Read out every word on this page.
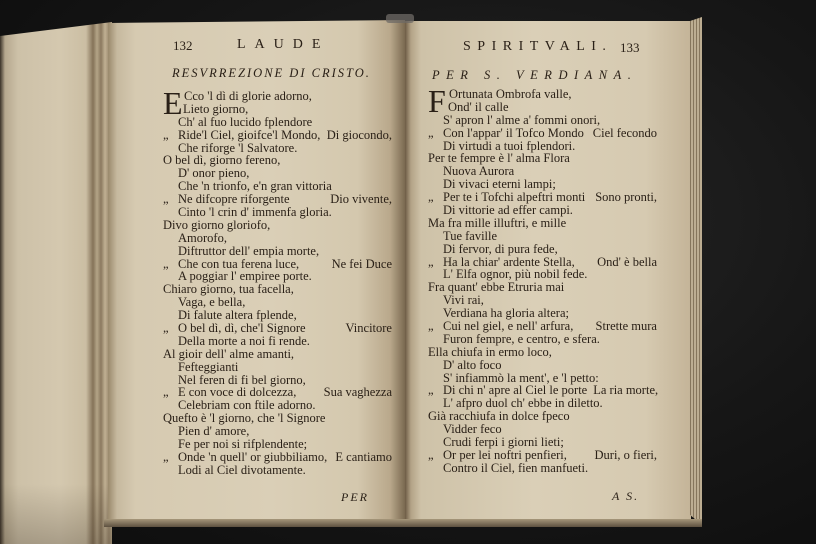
132	LAUDE
RESVRREZIONE DI CRISTO.
E Cco 'l dì di glorie adorno,
Lieto giorno,
Ch' al fuo lucido fplendore
„ Ride'l Ciel, gioifce'l Mondo, Di giocondo,
Che riforge 'l Salvatore.
O bel dì, giorno fereno,
D' onor pieno,
Che 'n trionfo, e'n gran vittoria
„ Ne difcopre riforgente	Dio vivente,
Cinto 'l crin d' immenfa gloria.
Divo giorno gloriofo,
Amorofo,
Diftruttor dell' empia morte,
„ Che con tua ferena luce,	Ne fei Duce
A poggiar l' empiree porte.
Chiaro giorno, tua facella,
Vaga, e bella,
Di falute altera fplende,
„ O bel dì, dì, che'l Signore	Vincitore
Della morte a noi fi rende.
Al gioir dell' alme amanti,
Fefteggianti
Nel feren di fi bel giorno,
„ E con voce di dolcezza,	Sua vaghezza
Celebriam con ftile adorno.
Quefto è 'l giorno, che 'l Signore
Pien d' amore,
Fe per noi si rifplendente;
„ Onde 'n quell' or giubbiliamo, E cantiamo
Lodi al Ciel divotamente.
PER
SPIRITVALI. 133
PER S. VERDIANA.
F Ortunata Ombrofa valle,
Ond' il calle
S' apron l' alme a' fommi onori,
„ Con l'appar' il Tofco Mondo Ciel fecondo
Di virtudi a tuoi fplendori.
Per te fempre è l' alma Flora
Nuova Aurora
Di vivaci eterni lampi;
„ Per te i Tofchi alpeftri monti Sono pronti,
Di vittorie ad effer campi.
Ma fra mille illuftri, e mille
Tue faville
Di fervor, di pura fede,
„ Ha la chiar' ardente Stella,	Ond' è bella
L' Elfa ognor, più nobil fede.
Fra quant' ebbe Etruria mai
Vivi rai,
Verdiana ha gloria altera;
„ Cui nel giel, e nell' arfura,	Strette mura
Furon fempre, e centro, e sfera.
Ella chiufa in ermo loco,
D' alto foco
S' infiammò la ment', e 'l petto:
„ Di chi n' apre al Ciel le porte La ria morte,
L' afpro duol ch' ebbe in diletto.
Già racchiufa in dolce fpeco
Vidder feco
Crudi ferpi i giorni lieti;
„ Or per lei noftri penfieri,	Duri, o fieri,
Contro il Ciel, fien manfueti.
A S.
